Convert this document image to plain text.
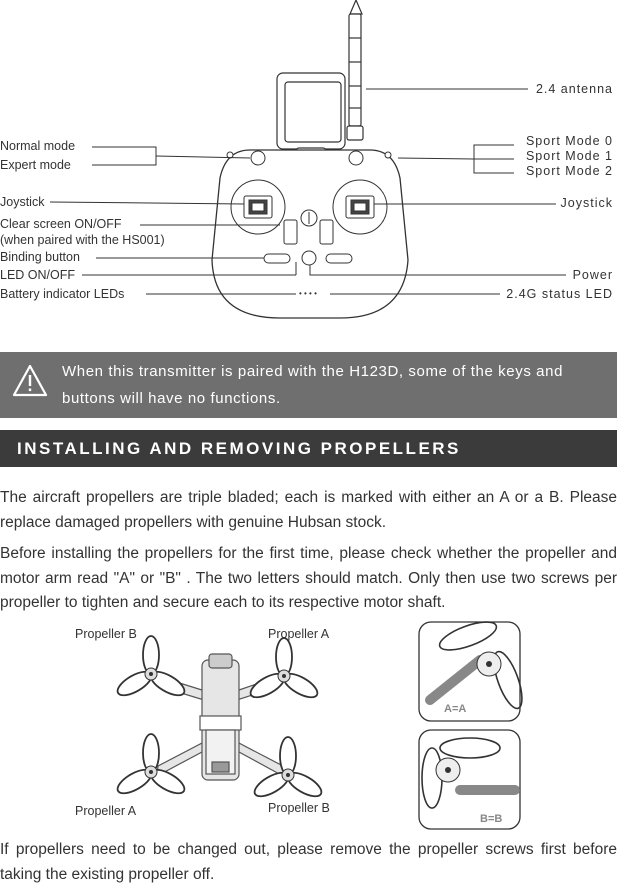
• • • •
Normal mode
Expert mode
Joystick
Clear screen ON/OFF
(when paired with the HS001)
Binding button
LED ON/OFF
Battery indicator LEDs
2.4 antenna
Sport Mode 0
Sport Mode 1
Sport Mode 2
Joystick
Power
2.4G status LED
When this transmitter is paired with the H123D, some of the keys and buttons will have no functions.
INSTALLING AND REMOVING PROPELLERS
The aircraft propellers are triple bladed; each is marked with either an A or a B. Please replace damaged propellers with genuine Hubsan stock.
Before installing the propellers for the first time, please check whether the propeller and motor arm read "A" or "B" . The two letters should match. Only then use two screws per propeller to tighten and secure each to its respective motor shaft.
A=A
B=B
Propeller B	Propeller A
Propeller A	Propeller B
If propellers need to be changed out, please remove the propeller screws first before taking the existing propeller off.
